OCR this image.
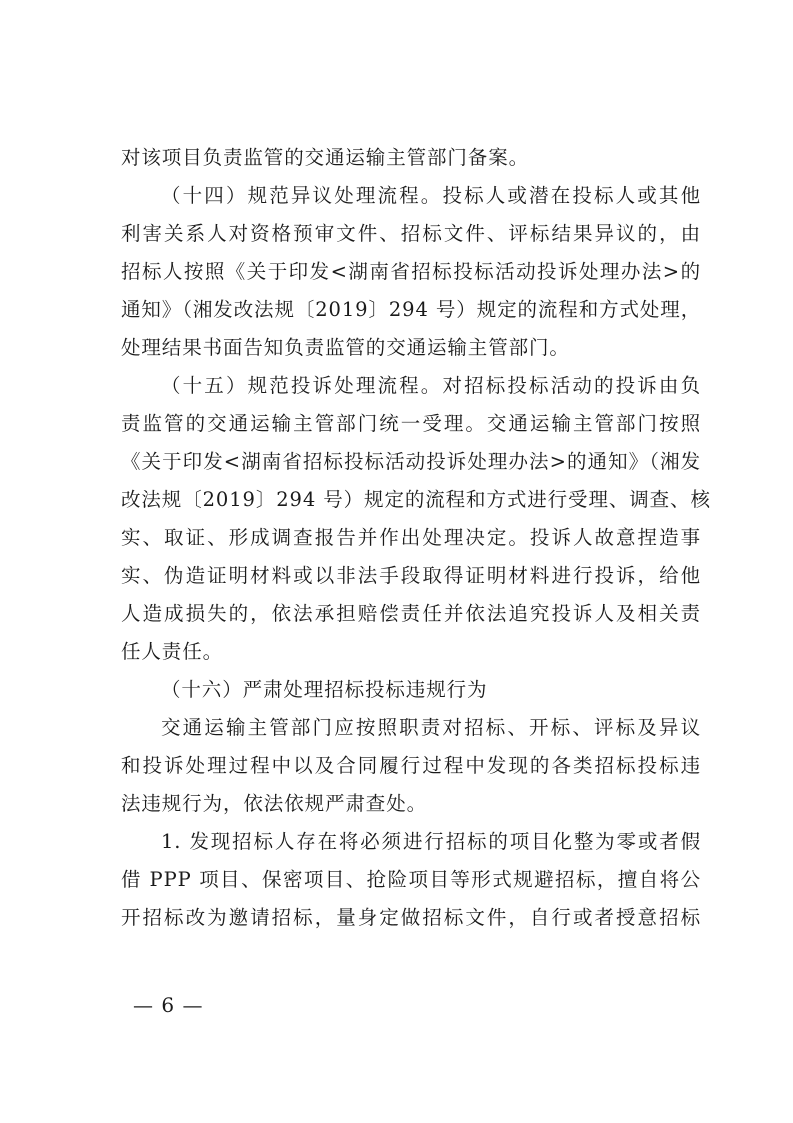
对该项目负责监管的交通运输主管部门备案。
（十四）规范异议处理流程。投标人或潜在投标人或其他
利害关系人对资格预审文件、招标文件、评标结果异议的，由
招标人按照《关于印发<湖南省招标投标活动投诉处理办法>的
通知》（湘发改法规〔2019〕294 号）规定的流程和方式处理，
处理结果书面告知负责监管的交通运输主管部门。
（十五）规范投诉处理流程。对招标投标活动的投诉由负
责监管的交通运输主管部门统一受理。交通运输主管部门按照
《关于印发<湖南省招标投标活动投诉处理办法>的通知》（湘发
改法规〔2019〕294 号）规定的流程和方式进行受理、调查、核
实、取证、形成调查报告并作出处理决定。投诉人故意捏造事
实、伪造证明材料或以非法手段取得证明材料进行投诉，给他
人造成损失的，依法承担赔偿责任并依法追究投诉人及相关责
任人责任。
（十六）严肃处理招标投标违规行为
交通运输主管部门应按照职责对招标、开标、评标及异议
和投诉处理过程中以及合同履行过程中发现的各类招标投标违
法违规行为，依法依规严肃查处。
1. 发现招标人存在将必须进行招标的项目化整为零或者假
借 PPP 项目、保密项目、抢险项目等形式规避招标，擅自将公
开招标改为邀请招标，量身定做招标文件，自行或者授意招标
— 6 —
